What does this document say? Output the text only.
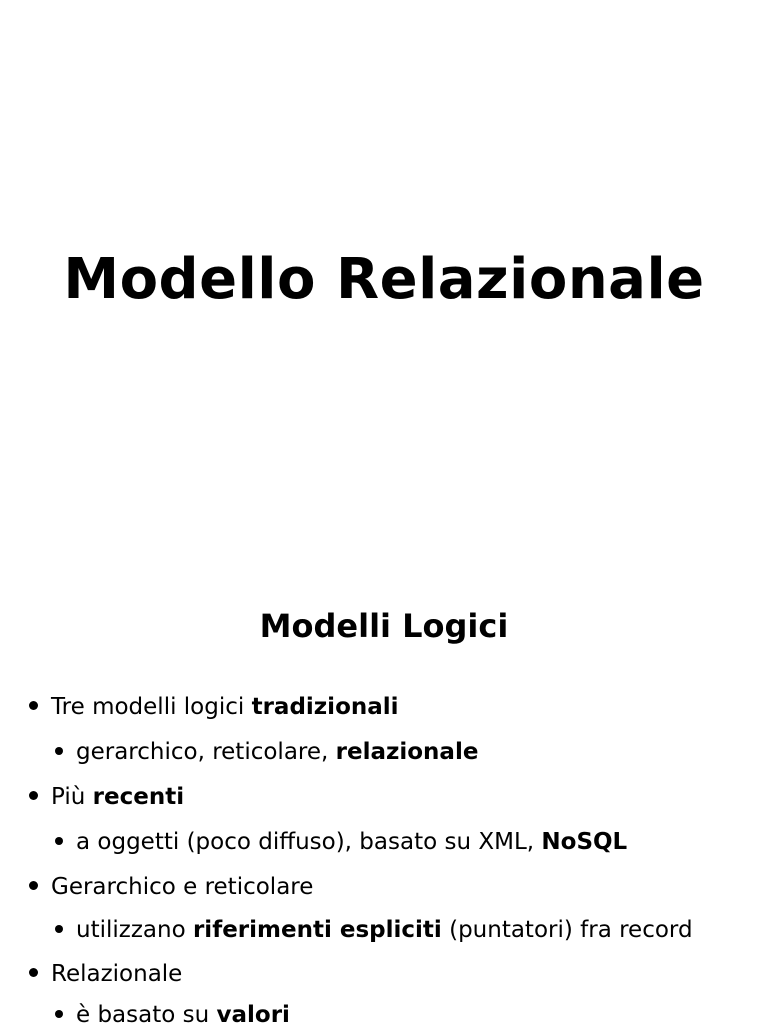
Modello Relazionale
Modelli Logici
Tre modelli logici tradizionali
gerarchico, reticolare, relazionale
Più recenti
a oggetti (poco diffuso), basato su XML, NoSQL
Gerarchico e reticolare
utilizzano riferimenti espliciti (puntatori) fra record
Relazionale
è basato su valori
